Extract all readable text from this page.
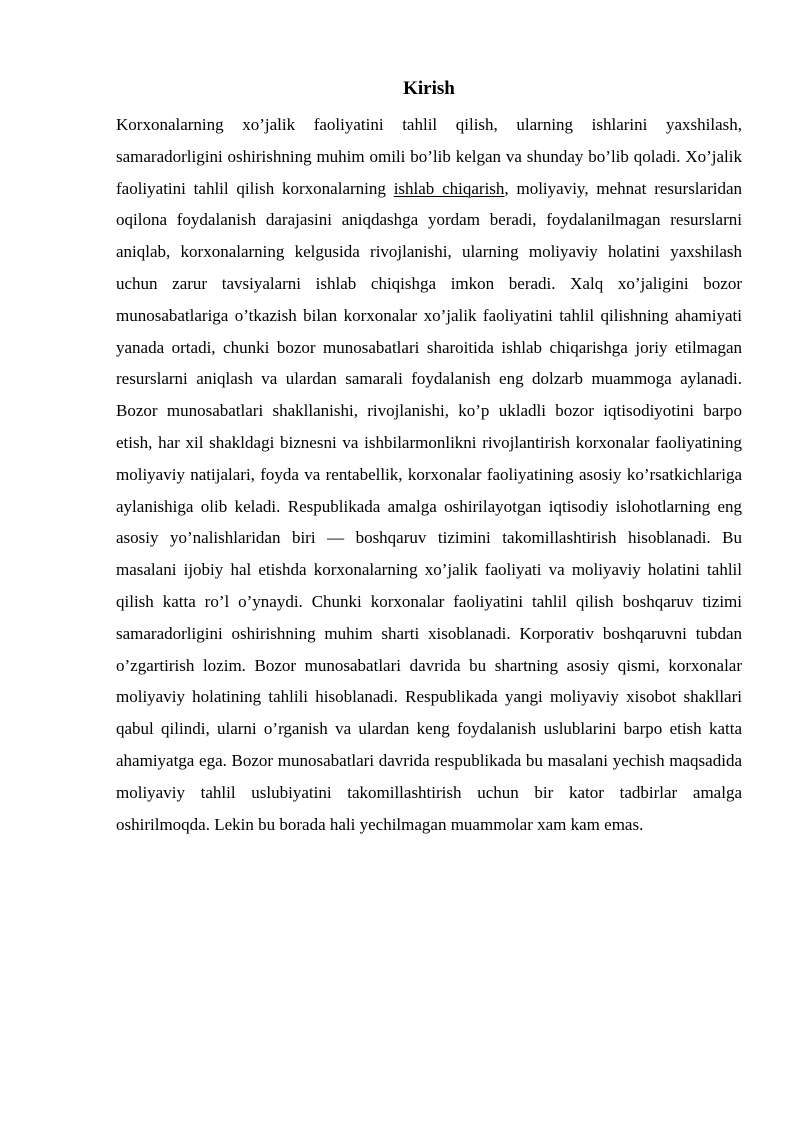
Kirish

Korxonalarning xo’jalik faoliyatini tahlil qilish, ularning ishlarini yaxshilash, samaradorligini oshirishning muhim omili bo’lib kelgan va shunday bo’lib qoladi. Xo’jalik faoliyatini tahlil qilish korxonalarning ishlab chiqarish, moliyaviy, mehnat resurslaridan oqilona foydalanish darajasini aniqdashga yordam beradi, foydalanilmagan resurslarni aniqlab, korxonalarning kelgusida rivojlanishi, ularning moliyaviy holatini yaxshilash uchun zarur tavsiyalarni ishlab chiqishga imkon beradi. Xalq xo’jaligini bozor munosabatlariga o’tkazish bilan korxonalar xo’jalik faoliyatini tahlil qilishning ahamiyati yanada ortadi, chunki bozor munosabatlari sharoitida ishlab chiqarishga joriy etilmagan resurslarni aniqlash va ulardan samarali foydalanish eng dolzarb muammoga aylanadi. Bozor munosabatlari shakllanishi, rivojlanishi, ko’p ukladli bozor iqtisodiyotini barpo etish, har xil shakldagi biznesni va ishbilarmonlikni rivojlantirish korxonalar faoliyatining moliyaviy natijalari, foyda va rentabellik, korxonalar faoliyatining asosiy ko’rsatkichlariga aylanishiga olib keladi. Respublikada amalga oshirilayotgan iqtisodiy islohotlarning eng asosiy yo’nalishlaridan biri — boshqaruv tizimini takomillashtirish hisoblanadi. Bu masalani ijobiy hal etishda korxonalarning xo’jalik faoliyati va moliyaviy holatini tahlil qilish katta ro’l o’ynaydi. Chunki korxonalar faoliyatini tahlil qilish boshqaruv tizimi samaradorligini oshirishning muhim sharti xisoblanadi. Korporativ boshqaruvni tubdan o’zgartirish lozim. Bozor munosabatlari davrida bu shartning asosiy qismi, korxonalar moliyaviy holatining tahlili hisoblanadi. Respublikada yangi moliyaviy xisobot shakllari qabul qilindi, ularni o’rganish va ulardan keng foydalanish uslublarini barpo etish katta ahamiyatga ega. Bozor munosabatlari davrida respublikada bu masalani yechish maqsadida moliyaviy tahlil uslubiyatini takomillashtirish uchun bir kator tadbirlar amalga oshirilmoqda. Lekin bu borada hali yechilmagan muammolar xam kam emas.
